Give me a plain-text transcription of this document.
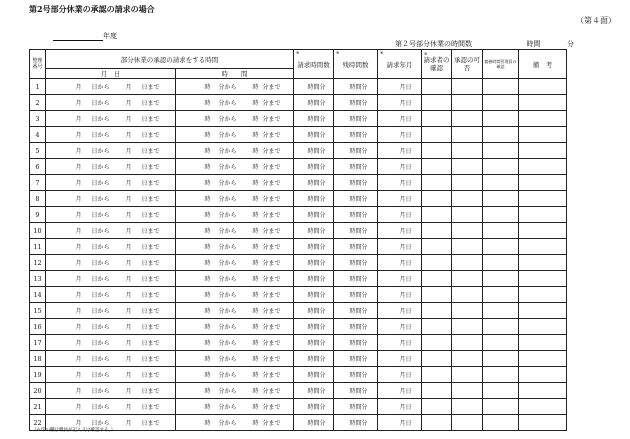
第2号部分休業の承認の請求の場合
（第４面）
年度
第２号部分休業の時間数	時間	分
整理
番号	部分休業の承認の請求をする時間		※
請求時間数	※
残時間数	※
請求年月	※
請求者の確認	承認の可否	勤務時間管理員の確認	備　考
	月　日	時　　間							
1	月 日から 月 日まで	時 分から 時 分まで	時間分	時間分	月日				
2	月 日から 月 日まで	時 分から 時 分まで	時間分	時間分	月日				
3	月 日から 月 日まで	時 分から 時 分まで	時間分	時間分	月日				
4	月 日から 月 日まで	時 分から 時 分まで	時間分	時間分	月日				
5	月 日から 月 日まで	時 分から 時 分まで	時間分	時間分	月日				
6	月 日から 月 日まで	時 分から 時 分まで	時間分	時間分	月日				
7	月 日から 月 日まで	時 分から 時 分まで	時間分	時間分	月日				
8	月 日から 月 日まで	時 分から 時 分まで	時間分	時間分	月日				
9	月 日から 月 日まで	時 分から 時 分まで	時間分	時間分	月日				
10	月 日から 月 日まで	時 分から 時 分まで	時間分	時間分	月日				
11	月 日から 月 日まで	時 分から 時 分まで	時間分	時間分	月日				
12	月 日から 月 日まで	時 分から 時 分まで	時間分	時間分	月日				
13	月 日から 月 日まで	時 分から 時 分まで	時間分	時間分	月日				
14	月 日から 月 日まで	時 分から 時 分まで	時間分	時間分	月日				
15	月 日から 月 日まで	時 分から 時 分まで	時間分	時間分	月日				
16	月 日から 月 日まで	時 分から 時 分まで	時間分	時間分	月日				
17	月 日から 月 日まで	時 分から 時 分まで	時間分	時間分	月日				
18	月 日から 月 日まで	時 分から 時 分まで	時間分	時間分	月日				
19	月 日から 月 日まで	時 分から 時 分まで	時間分	時間分	月日				
20	月 日から 月 日まで	時 分から 時 分まで	時間分	時間分	月日				
21	月 日から 月 日まで	時 分から 時 分まで	時間分	時間分	月日				
22	月 日から 月 日まで	時 分から 時 分まで	時間分	時間分	月日				
（※印の欄は職員が記入又は確認する。）
